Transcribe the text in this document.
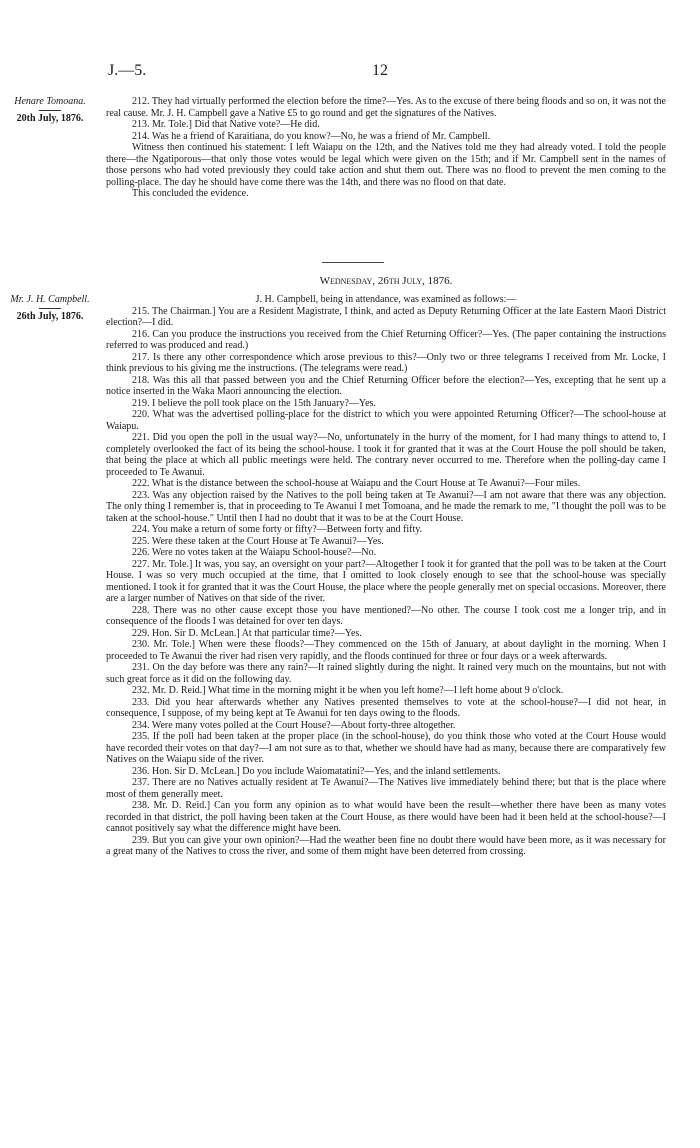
J.—5.	12
Henare Tomoana.
20th July, 1876.

212. They had virtually performed the election before the time?—Yes. As to the excuse of there being floods and so on, it was not the real cause. Mr. J. H. Campbell gave a Native £5 to go round and get the signatures of the Natives.

213. Mr. Tole.] Did that Native vote?—He did.

214. Was he a friend of Karaitiana, do you know?—No, he was a friend of Mr. Campbell.

Witness then continued his statement: I left Waiapu on the 12th, and the Natives told me they had already voted. I told the people there—the Ngatiporous—that only those votes would be legal which were given on the 15th; and if Mr. Campbell sent in the names of those persons who had voted previously they could take action and shut them out. There was no flood to prevent the men coming to the polling-place. The day he should have come there was the 14th, and there was no flood on that date.

This concluded the evidence.

Wednesday, 26th July, 1876.

Mr. J. H. Campbell.
26th July, 1876.

J. H. Campbell, being in attendance, was examined as follows:—

215. The Chairman.] You are a Resident Magistrate, I think, and acted as Deputy Returning Officer at the late Eastern Maori District election?—I did.

216. Can you produce the instructions you received from the Chief Returning Officer?—Yes. (The paper containing the instructions referred to was produced and read.)

217. Is there any other correspondence which arose previous to this?—Only two or three telegrams I received from Mr. Locke, I think previous to his giving me the instructions. (The telegrams were read.)

218. Was this all that passed between you and the Chief Returning Officer before the election?—Yes, excepting that he sent up a notice inserted in the Waka Maori announcing the election.

219. I believe the poll took place on the 15th January?—Yes.

220. What was the advertised polling-place for the district to which you were appointed Returning Officer?—The school-house at Waiapu.

221. Did you open the poll in the usual way?—No, unfortunately in the hurry of the moment, for I had many things to attend to, I completely overlooked the fact of its being the school-house. I took it for granted that it was at the Court House the poll should be taken, that being the place at which all public meetings were held. The contrary never occurred to me. Therefore when the polling-day came I proceeded to Te Awanui.

222. What is the distance between the school-house at Waiapu and the Court House at Te Awanui?—Four miles.

223. Was any objection raised by the Natives to the poll being taken at Te Awanui?—I am not aware that there was any objection. The only thing I remember is, that in proceeding to Te Awanui I met Tomoana, and he made the remark to me, "I thought the poll was to be taken at the school-house." Until then I had no doubt that it was to be at the Court House.

224. You make a return of some forty or fifty?—Between forty and fifty.

225. Were these taken at the Court House at Te Awanui?—Yes.

226. Were no votes taken at the Waiapu School-house?—No.

227. Mr. Tole.] It was, you say, an oversight on your part?—Altogether I took it for granted that the poll was to be taken at the Court House. I was so very much occupied at the time, that I omitted to look closely enough to see that the school-house was specially mentioned. I took it for granted that it was the Court House, the place where the people generally met on special occasions. Moreover, there are a larger number of Natives on that side of the river.

228. There was no other cause except those you have mentioned?—No other. The course I took cost me a longer trip, and in consequence of the floods I was detained for over ten days.

229. Hon. Sir D. McLean.] At that particular time?—Yes.

230. Mr. Tole.] When were these floods?—They commenced on the 15th of January, at about daylight in the morning. When I proceeded to Te Awanui the river had risen very rapidly, and the floods continued for three or four days or a week afterwards.

231. On the day before was there any rain?—It rained slightly during the night. It rained very much on the mountains, but not with such great force as it did on the following day.

232. Mr. D. Reid.] What time in the morning might it be when you left home?—I left home about 9 o'clock.

233. Did you hear afterwards whether any Natives presented themselves to vote at the school-house?—I did not hear, in consequence, I suppose, of my being kept at Te Awanui for ten days owing to the floods.

234. Were many votes polled at the Court House?—About forty-three altogether.

235. If the poll had been taken at the proper place (in the school-house), do you think those who voted at the Court House would have recorded their votes on that day?—I am not sure as to that, whether we should have had as many, because there are comparatively few Natives on the Waiapu side of the river.

236. Hon. Sir D. McLean.] Do you include Waiomatatini?—Yes, and the inland settlements.

237. There are no Natives actually resident at Te Awanui?—The Natives live immediately behind there; but that is the place where most of them generally meet.

238. Mr. D. Reid.] Can you form any opinion as to what would have been the result—whether there have been as many votes recorded in that district, the poll having been taken at the Court House, as there would have been had it been held at the school-house?—I cannot positively say what the difference might have been.

239. But you can give your own opinion?—Had the weather been fine no doubt there would have been more, as it was necessary for a great many of the Natives to cross the river, and some of them might have been deterred from crossing.
